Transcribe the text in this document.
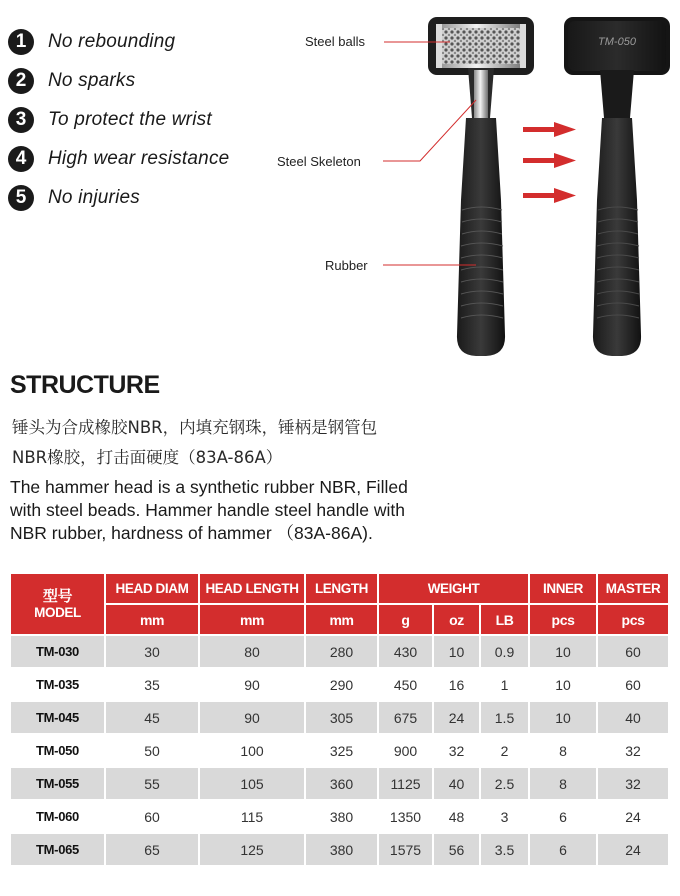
1	No rebounding
2	No sparks
3	To protect the wrist
4	High wear resistance
5	No injuries
TM-050
Steel balls
Steel Skeleton
Rubber
STRUCTURE
锤头为合成橡胶NBR，内填充钢珠，锤柄是钢管包
NBR橡胶，打击面硬度（83A-86A）
The hammer head is a synthetic rubber NBR, Filled with steel beads. Hammer handle steel handle with NBR rubber, hardness of hammer （83A-86A).
型号
MODEL	HEAD DIAM	HEAD LENGTH	LENGTH	WEIGHT			INNER	MASTER
	mm	mm	mm	g	oz	LB	pcs	pcs
TM-030	30	80	280	430	10	0.9	10	60
TM-035	35	90	290	450	16	1	10	60
TM-045	45	90	305	675	24	1.5	10	40
TM-050	50	100	325	900	32	2	8	32
TM-055	55	105	360	1125	40	2.5	8	32
TM-060	60	115	380	1350	48	3	6	24
TM-065	65	125	380	1575	56	3.5	6	24
